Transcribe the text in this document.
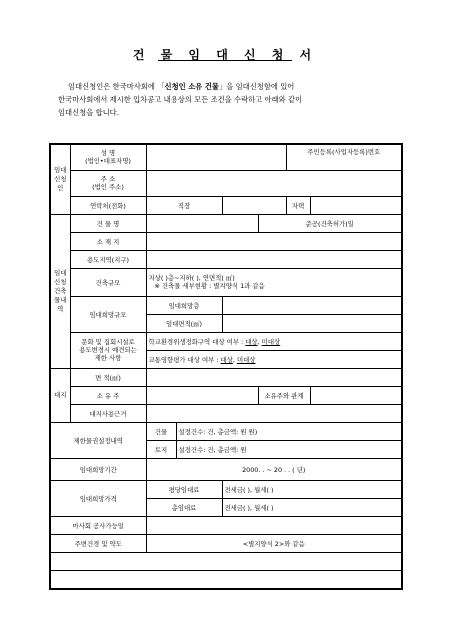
건 물 임 대 신 청 서
임대신청인은 한국마사회에 「신청인 소유 건물」을 임대신청함에 있어
한국마사회에서 제시한 입차공고 내용상의 모든 조건을 수락하고 아래와 같이
임대신청을 합니다.
임대신청인	성 명
(법인•대표자명)					주민등록(사업자등록)번호	

	주 소
(법인 주소)						

	연락처(전화)	직장				자택	
임대신청건축물내역	건 물 명				준공(건축허가)일		
	소 재 지						
	용도지역(지구)						
	건축규모	지상( )층~지하( ), 연면적( ㎡)
※ 건축물 세부현황 : 별지양식 1과 같음					

	임대희망규모	임대희망층					
		임대면적(㎡)					

	문화 및 집회시설로
용도변경시 예견되는
제한 사항	학교환경위생정화구역 대상 여부 : 대상, 미대상					
		교통영향평가 대상 여부 : 대상, 미대상					
대지	면 적(㎡)						
	소 유 주				소유주와 관계		
	대지사용근거						
제한물권설정내역		건물	설정건수: 건, 총금액: 원 원)				
		토지	설정건수: 건, 총금액: 원				
임대희망기간		2000. . ~ 20 . . ( 년)					
임대희망가격		평당임대료		전세금( ), 월세( )			
		총임대료		전세금( ), 월세( )			
마사회 공사가능일							
주변건경 및 약도		<별지양식 2>와 같음					
